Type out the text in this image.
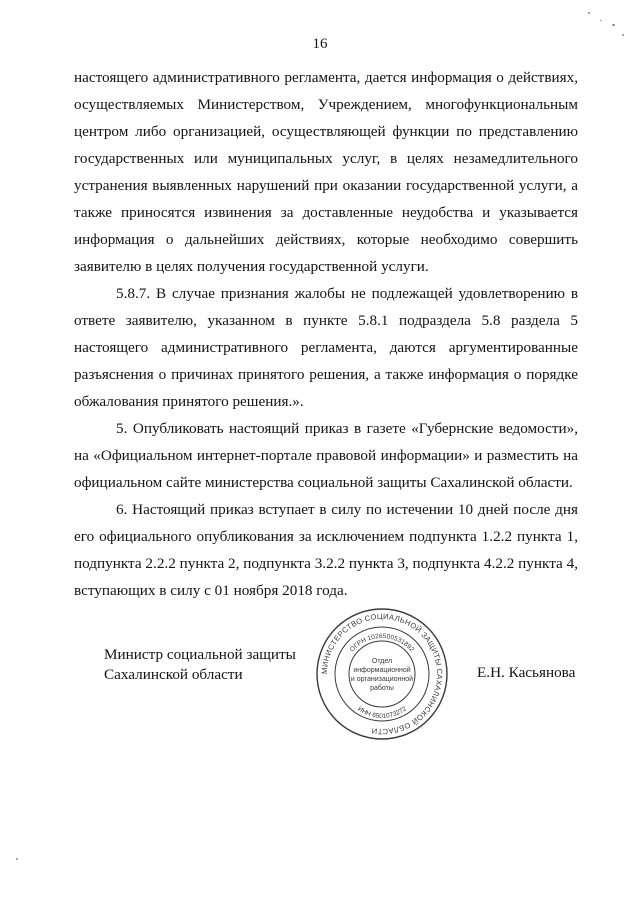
16

настоящего административного регламента, дается информация о действиях, осуществляемых Министерством, Учреждением, многофункциональным центром либо организацией, осуществляющей функции по представлению государственных или муниципальных услуг, в целях незамедлительного устранения выявленных нарушений при оказании государственной услуги, а также приносятся извинения за доставленные неудобства и указывается информация о дальнейших действиях, которые необходимо совершить заявителю в целях получения государственной услуги.

5.8.7. В случае признания жалобы не подлежащей удовлетворению в ответе заявителю, указанном в пункте 5.8.1 подраздела 5.8 раздела 5 настоящего административного регламента, даются аргументированные разъяснения о причинах принятого решения, а также информация о порядке обжалования принятого решения.».

5. Опубликовать настоящий приказ в газете «Губернские ведомости», на «Официальном интернет-портале правовой информации» и разместить на официальном сайте министерства социальной защиты Сахалинской области.

6. Настоящий приказ вступает в силу по истечении 10 дней после дня его официального опубликования за исключением подпункта 1.2.2 пункта 1, подпункта 2.2.2 пункта 2, подпункта 3.2.2 пункта 3, подпункта 4.2.2 пункта 4, вступающих в силу с 01 ноября 2018 года.

Министр социальной защиты
Сахалинской области	МИНИСТЕРСТВО СОЦИАЛЬНОЙ ЗАЩИТЫ САХАЛИНСКОЙ ОБЛАСТИ
ОГРН 1026500531892
ИНН 6501073272
Отдел
информационной
и организационной
работы
Е.Н. Касьянова
